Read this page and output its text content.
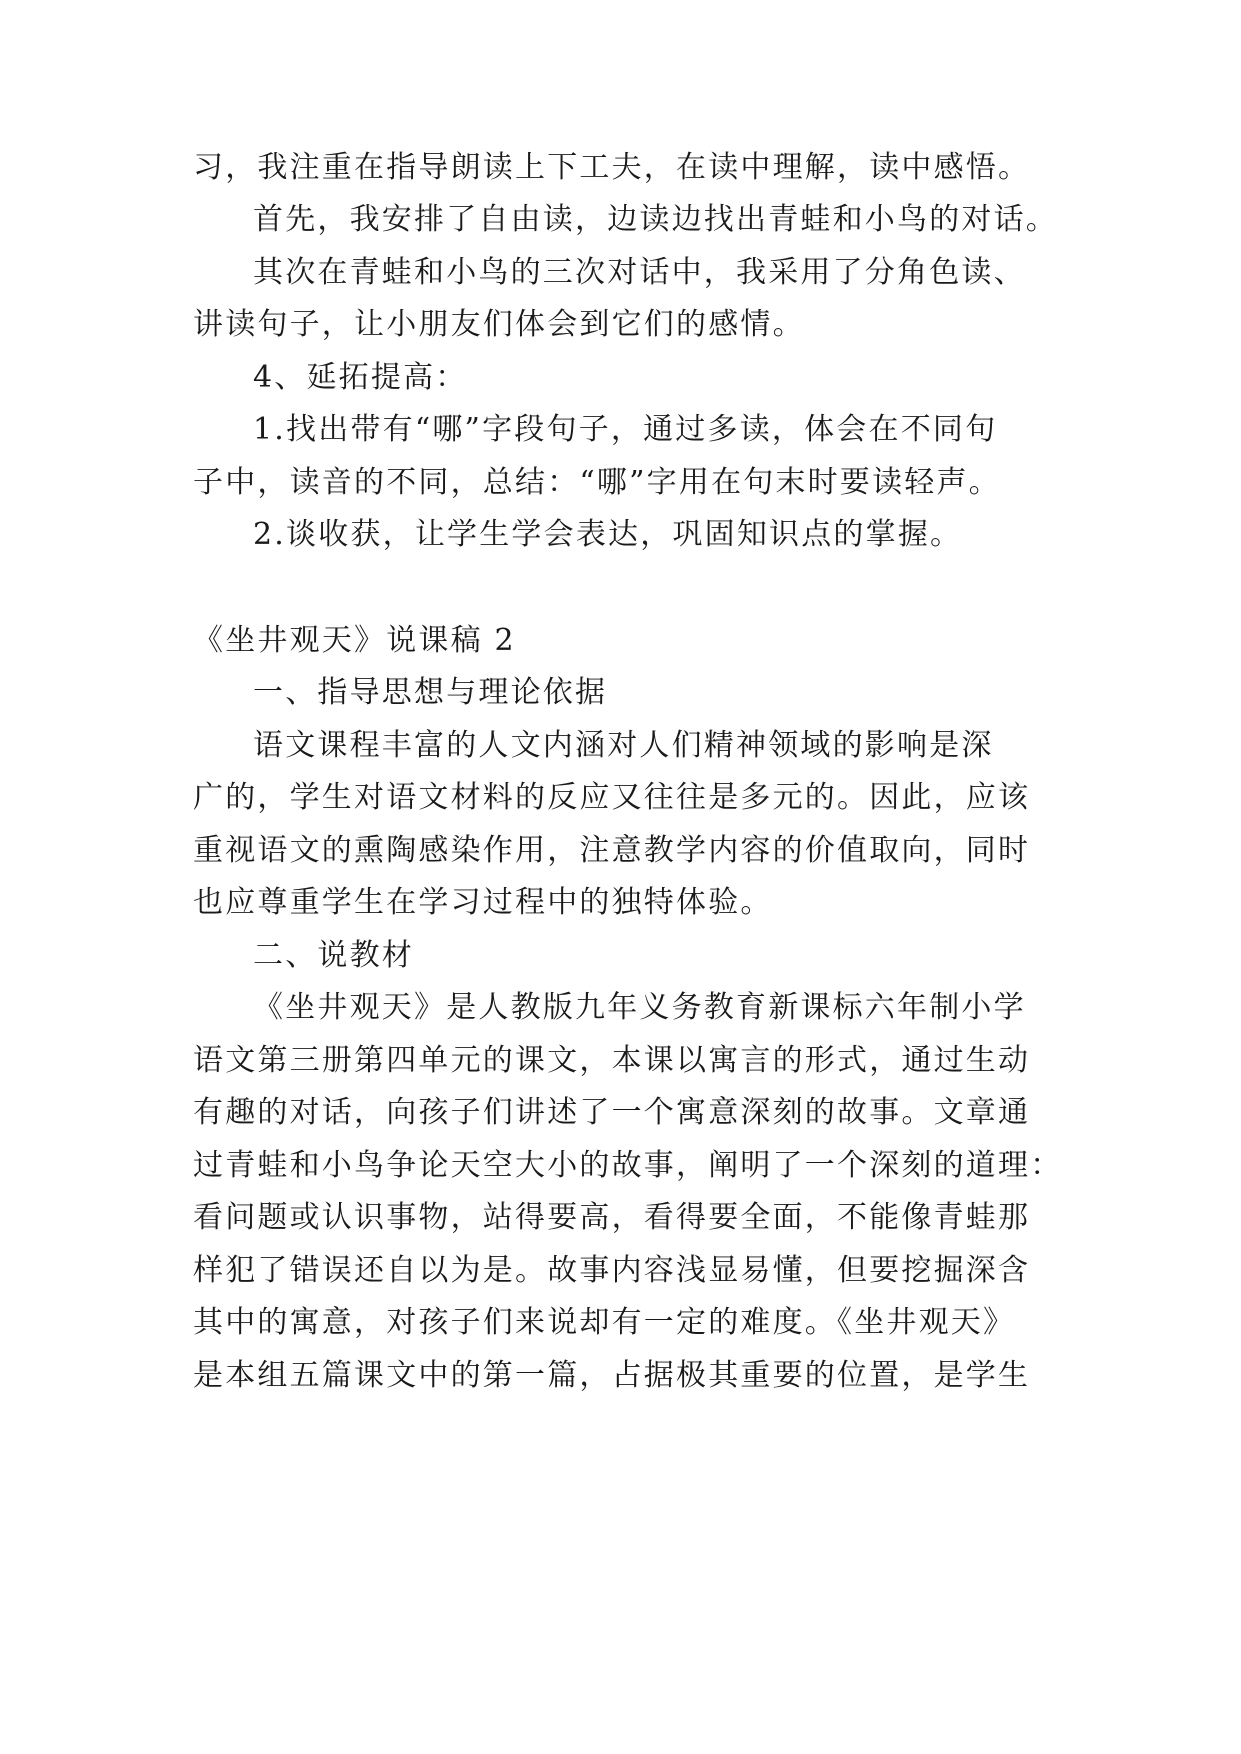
习，我注重在指导朗读上下工夫，在读中理解，读中感悟。
首先，我安排了自由读，边读边找出青蛙和小鸟的对话。
其次在青蛙和小鸟的三次对话中，我采用了分角色读、
讲读句子，让小朋友们体会到它们的感情。
4、延拓提高：
1.找出带有“哪”字段句子，通过多读，体会在不同句
子中，读音的不同，总结：“哪”字用在句末时要读轻声。
2.谈收获，让学生学会表达，巩固知识点的掌握。
《坐井观天》说课稿 2
一、指导思想与理论依据
语文课程丰富的人文内涵对人们精神领域的影响是深
广的，学生对语文材料的反应又往往是多元的。因此，应该
重视语文的熏陶感染作用，注意教学内容的价值取向，同时
也应尊重学生在学习过程中的独特体验。
二、说教材
《坐井观天》是人教版九年义务教育新课标六年制小学
语文第三册第四单元的课文，本课以寓言的形式，通过生动
有趣的对话，向孩子们讲述了一个寓意深刻的故事。文章通
过青蛙和小鸟争论天空大小的故事，阐明了一个深刻的道理：
看问题或认识事物，站得要高，看得要全面，不能像青蛙那
样犯了错误还自以为是。故事内容浅显易懂，但要挖掘深含
其中的寓意，对孩子们来说却有一定的难度。《坐井观天》
是本组五篇课文中的第一篇，占据极其重要的位置，是学生
